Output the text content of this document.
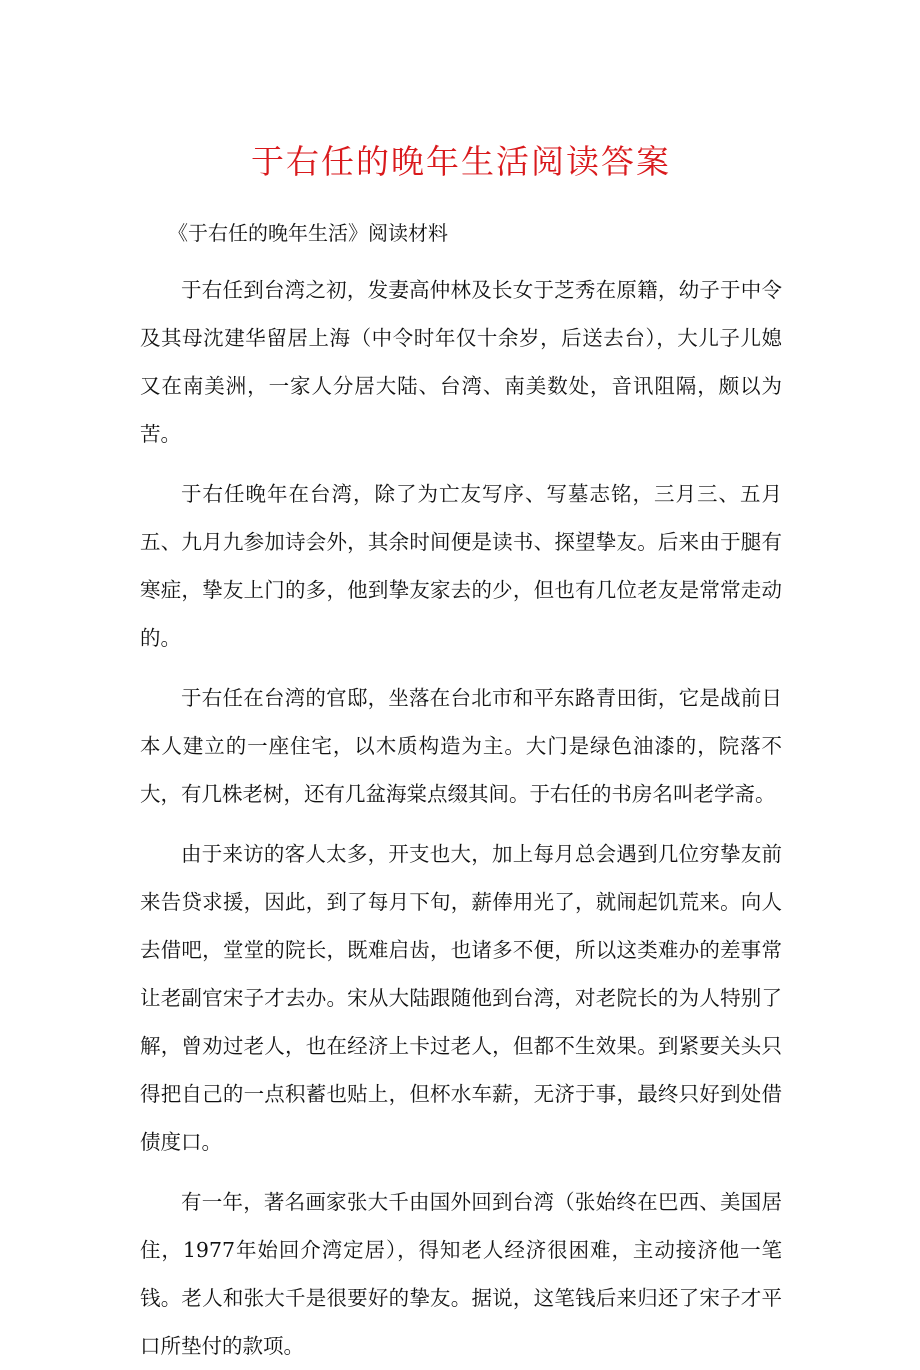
于右任的晚年生活阅读答案

《于右任的晚年生活》阅读材料

于右任到台湾之初，发妻高仲林及长女于芝秀在原籍，幼子于中令及其母沈建华留居上海（中令时年仅十余岁，后送去台），大儿子儿媳又在南美洲，一家人分居大陆、台湾、南美数处，音讯阻隔，颇以为苦。

于右任晚年在台湾，除了为亡友写序、写墓志铭，三月三、五月五、九月九参加诗会外，其余时间便是读书、探望挚友。后来由于腿有寒症，挚友上门的多，他到挚友家去的少，但也有几位老友是常常走动的。

于右任在台湾的官邸，坐落在台北市和平东路青田街，它是战前日本人建立的一座住宅，以木质构造为主。大门是绿色油漆的，院落不大，有几株老树，还有几盆海棠点缀其间。于右任的书房名叫老学斋。

由于来访的客人太多，开支也大，加上每月总会遇到几位穷挚友前来告贷求援，因此，到了每月下旬，薪俸用光了，就闹起饥荒来。向人去借吧，堂堂的院长，既难启齿，也诸多不便，所以这类难办的差事常让老副官宋子才去办。宋从大陆跟随他到台湾，对老院长的为人特别了解，曾劝过老人，也在经济上卡过老人，但都不生效果。到紧要关头只得把自己的一点积蓄也贴上，但杯水车薪，无济于事，最终只好到处借债度口。

有一年，著名画家张大千由国外回到台湾（张始终在巴西、美国居住，1977年始回介湾定居），得知老人经济很困难，主动接济他一笔钱。老人和张大千是很要好的挚友。据说，这笔钱后来归还了宋子才平口所垫付的款项。
